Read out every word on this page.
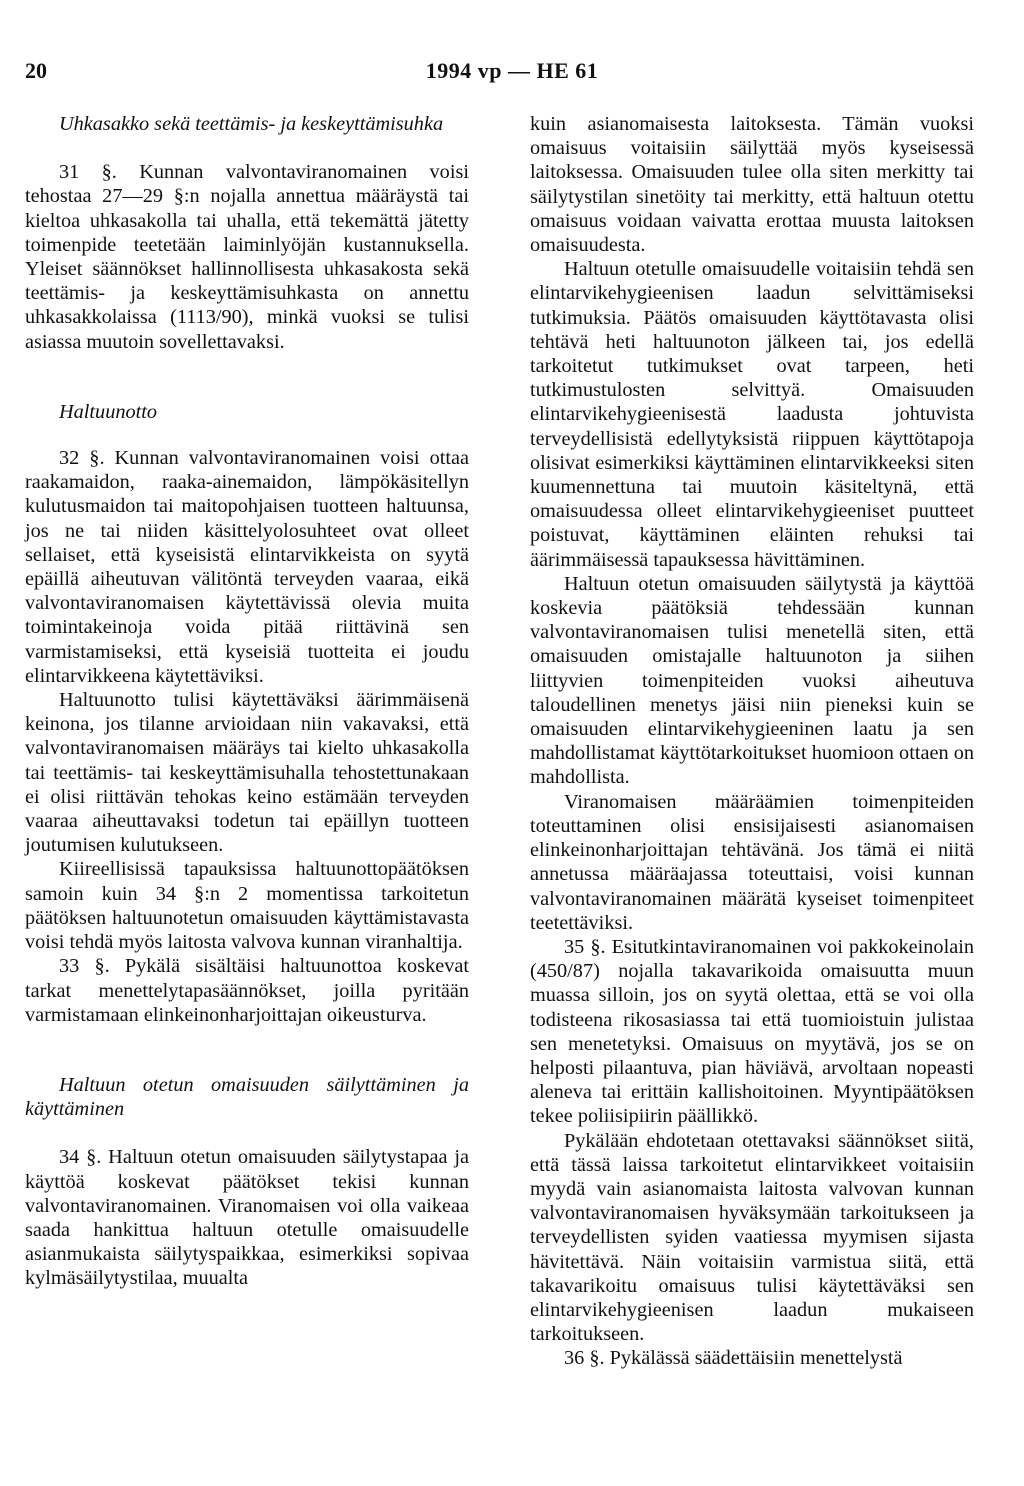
20	1994 vp — HE 61

Uhkasakko sekä teettämis- ja keskeyttämisuhka

31 §. Kunnan valvontaviranomainen voisi tehostaa 27—29 §:n nojalla annettua määräystä tai kieltoa uhkasakolla tai uhalla, että tekemättä jätetty toimenpide teetetään laiminlyöjän kustannuksella. Yleiset säännökset hallinnollisesta uhkasakosta sekä teettämis- ja keskeyttämisuhkasta on annettu uhkasakkolaissa (1113/90), minkä vuoksi se tulisi asiassa muutoin sovellettavaksi.

Haltuunotto

32 §. Kunnan valvontaviranomainen voisi ottaa raakamaidon, raaka-ainemaidon, lämpökäsitellyn kulutusmaidon tai maitopohjaisen tuotteen haltuunsa, jos ne tai niiden käsittelyolosuhteet ovat olleet sellaiset, että kyseisistä elintarvikkeista on syytä epäillä aiheutuvan välitöntä terveyden vaaraa, eikä valvontaviranomaisen käytettävissä olevia muita toimintakeinoja voida pitää riittävinä sen varmistamiseksi, että kyseisiä tuotteita ei joudu elintarvikkeena käytettäviksi.

Haltuunotto tulisi käytettäväksi äärimmäisenä keinona, jos tilanne arvioidaan niin vakavaksi, että valvontaviranomaisen määräys tai kielto uhkasakolla tai teettämis- tai keskeyttämisuhalla tehostettunakaan ei olisi riittävän tehokas keino estämään terveyden vaaraa aiheuttavaksi todetun tai epäillyn tuotteen joutumisen kulutukseen.

Kiireellisissä tapauksissa haltuunottopäätöksen samoin kuin 34 §:n 2 momentissa tarkoitetun päätöksen haltuunotetun omaisuuden käyttämistavasta voisi tehdä myös laitosta valvova kunnan viranhaltija.

33 §. Pykälä sisältäisi haltuunottoa koskevat tarkat menettelytapasäännökset, joilla pyritään varmistamaan elinkeinonharjoittajan oikeusturva.

Haltuun otetun omaisuuden säilyttäminen ja käyttäminen

34 §. Haltuun otetun omaisuuden säilytystapaa ja käyttöä koskevat päätökset tekisi kunnan valvontaviranomainen. Viranomaisen voi olla vaikeaa saada hankittua haltuun otetulle omaisuudelle asianmukaista säilytyspaikkaa, esimerkiksi sopivaa kylmäsäilytystilaa, muualta

kuin asianomaisesta laitoksesta. Tämän vuoksi omaisuus voitaisiin säilyttää myös kyseisessä laitoksessa. Omaisuuden tulee olla siten merkitty tai säilytystilan sinetöity tai merkitty, että haltuun otettu omaisuus voidaan vaivatta erottaa muusta laitoksen omaisuudesta.

Haltuun otetulle omaisuudelle voitaisiin tehdä sen elintarvikehygieenisen laadun selvittämiseksi tutkimuksia. Päätös omaisuuden käyttötavasta olisi tehtävä heti haltuunoton jälkeen tai, jos edellä tarkoitetut tutkimukset ovat tarpeen, heti tutkimustulosten selvittyä. Omaisuuden elintarvikehygieenisestä laadusta johtuvista terveydellisistä edellytyksistä riippuen käyttötapoja olisivat esimerkiksi käyttäminen elintarvikkeeksi siten kuumennettuna tai muutoin käsiteltynä, että omaisuudessa olleet elintarvikehygieeniset puutteet poistuvat, käyttäminen eläinten rehuksi tai äärimmäisessä tapauksessa hävittäminen.

Haltuun otetun omaisuuden säilytystä ja käyttöä koskevia päätöksiä tehdessään kunnan valvontaviranomaisen tulisi menetellä siten, että omaisuuden omistajalle haltuunoton ja siihen liittyvien toimenpiteiden vuoksi aiheutuva taloudellinen menetys jäisi niin pieneksi kuin se omaisuuden elintarvikehygieeninen laatu ja sen mahdollistamat käyttötarkoitukset huomioon ottaen on mahdollista.

Viranomaisen määräämien toimenpiteiden toteuttaminen olisi ensisijaisesti asianomaisen elinkeinonharjoittajan tehtävänä. Jos tämä ei niitä annetussa määräajassa toteuttaisi, voisi kunnan valvontaviranomainen määrätä kyseiset toimenpiteet teetettäviksi.

35 §. Esitutkintaviranomainen voi pakkokeinolain (450/87) nojalla takavarikoida omaisuutta muun muassa silloin, jos on syytä olettaa, että se voi olla todisteena rikosasiassa tai että tuomioistuin julistaa sen menetetyksi. Omaisuus on myytävä, jos se on helposti pilaantuva, pian häviävä, arvoltaan nopeasti aleneva tai erittäin kallishoitoinen. Myyntipäätöksen tekee poliisipiirin päällikkö.

Pykälään ehdotetaan otettavaksi säännökset siitä, että tässä laissa tarkoitetut elintarvikkeet voitaisiin myydä vain asianomaista laitosta valvovan kunnan valvontaviranomaisen hyväksymään tarkoitukseen ja terveydellisten syiden vaatiessa myymisen sijasta hävitettävä. Näin voitaisiin varmistua siitä, että takavarikoitu omaisuus tulisi käytettäväksi sen elintarvikehygieenisen laadun mukaiseen tarkoitukseen.

36 §. Pykälässä säädettäisiin menettelystä
